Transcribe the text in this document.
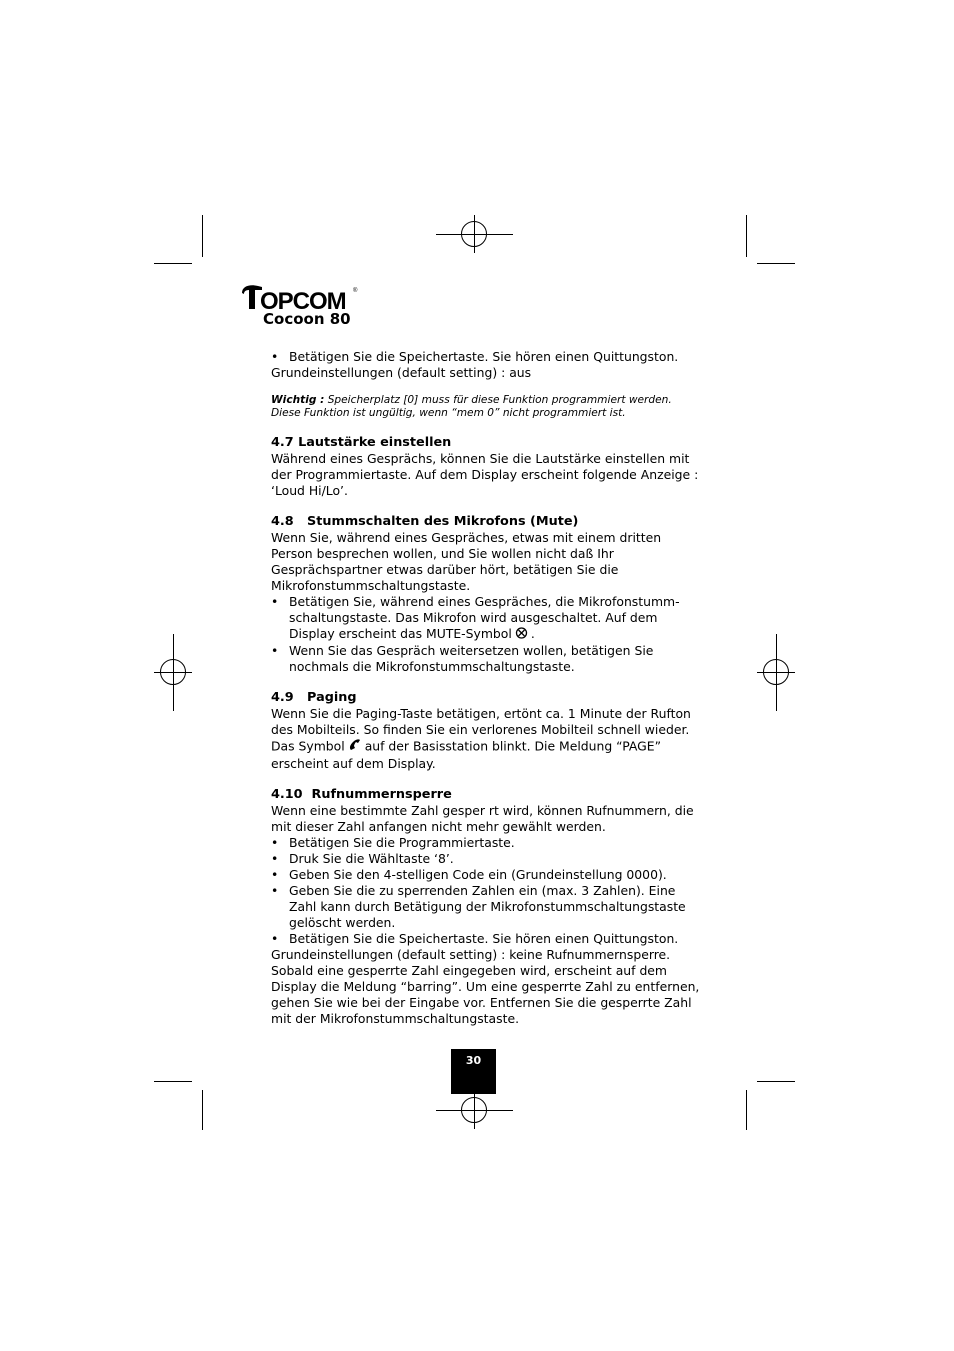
OPCOM ®
Cocoon 80

• Betätigen Sie die Speichertaste. Sie hören einen Quittungston.

Grundeinstellungen (default setting) : aus

Wichtig : Speicherplatz [0] muss für diese Funktion programmiert werden. Diese Funktion ist ungültig, wenn “mem 0” nicht programmiert ist.

4.7 Lautstärke einstellen

Während eines Gesprächs, können Sie die Lautstärke einstellen mit der Programmiertaste. Auf dem Display erscheint folgende Anzeige : ‘Loud Hi/Lo’.

4.8   Stummschalten des Mikrofons (Mute)

Wenn Sie, während eines Gespräches, etwas mit einem dritten Person besprechen wollen, und Sie wollen nicht daß Ihr Gesprächspartner etwas darüber hört, betätigen Sie die Mikrofonstummschaltungstaste.

• Betätigen Sie, während eines Gespräches, die Mikrofonstumm-schaltungstaste. Das Mikrofon wird ausgeschaltet. Auf dem Display erscheint das MUTE-Symbol .

• Wenn Sie das Gespräch weitersetzen wollen, betätigen Sie nochmals die Mikrofonstummschaltungstaste.

4.9   Paging

Wenn Sie die Paging-Taste betätigen, ertönt ca. 1 Minute der Rufton des Mobilteils. So finden Sie ein verlorenes Mobilteil schnell wieder. Das Symbol auf der Basisstation blinkt. Die Meldung “PAGE” erscheint auf dem Display.

4.10  Rufnummernsperre

Wenn eine bestimmte Zahl gesper rt wird, können Rufnummern, die mit dieser Zahl anfangen nicht mehr gewählt werden.

• Betätigen Sie die Programmiertaste.

• Druk Sie die Wähltaste ‘8’.

• Geben Sie den 4-stelligen Code ein (Grundeinstellung 0000).

• Geben Sie die zu sperrenden Zahlen ein (max. 3 Zahlen). Eine Zahl kann durch Betätigung der Mikrofonstummschaltungstaste gelöscht werden.

• Betätigen Sie die Speichertaste. Sie hören einen Quittungston.

Grundeinstellungen (default setting) : keine Rufnummernsperre.

Sobald eine gesperrte Zahl eingegeben wird, erscheint auf dem Display die Meldung “barring”. Um eine gesperrte Zahl zu entfernen, gehen Sie wie bei der Eingabe vor. Entfernen Sie die gesperrte Zahl mit der Mikrofonstummschaltungstaste.

30
